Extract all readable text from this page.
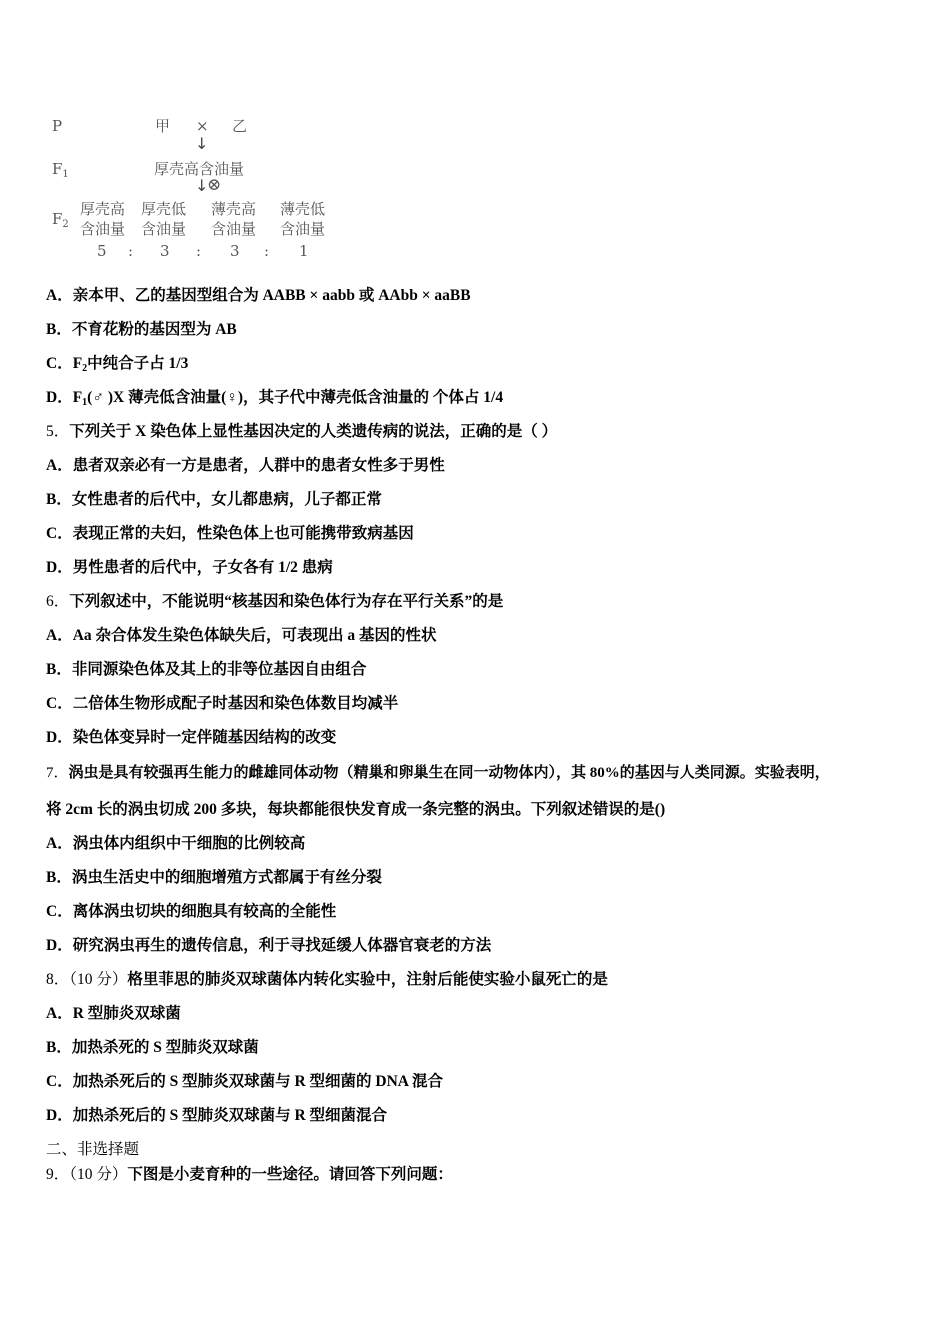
P	甲 × 乙
↓
$F_1$	厚壳高含油量
↓
⊗
$F_2$
厚壳高
含油量
5 :
厚壳低
含油量
3 :
薄壳高
含油量
3 :
薄壳低
含油量
1
A．亲本甲、乙的基因型组合为 AABB × aabb 或 AAbb × aaBB
B．不育花粉的基因型为 AB
C．$F_2$中纯合子占 1/3
D．$F_1(♂$ )X 薄壳低含油量(♀)，其子代中薄壳低含油量的 个体占 1/4
5．下列关于 X 染色体上显性基因决定的人类遗传病的说法，正确的是（ ）
A．患者双亲必有一方是患者，人群中的患者女性多于男性
B．女性患者的后代中，女儿都患病，儿子都正常
C．表现正常的夫妇，性染色体上也可能携带致病基因
D．男性患者的后代中，子女各有 1/2 患病
6．下列叙述中，不能说明“核基因和染色体行为存在平行关系”的是
A．Aa 杂合体发生染色体缺失后，可表现出 a 基因的性状
B．非同源染色体及其上的非等位基因自由组合
C．二倍体生物形成配子时基因和染色体数目均减半
D．染色体变异时一定伴随基因结构的改变
7．涡虫是具有较强再生能力的雌雄同体动物（精巢和卵巢生在同一动物体内），其 80%的基因与人类同源。实验表明，
将 2cm 长的涡虫切成 200 多块，每块都能很快发育成一条完整的涡虫。下列叙述错误的是()
A．涡虫体内组织中干细胞的比例较高
B．涡虫生活史中的细胞增殖方式都属于有丝分裂
C．离体涡虫切块的细胞具有较高的全能性
D．研究涡虫再生的遗传信息，利于寻找延缓人体器官衰老的方法
8．（10 分）格里菲思的肺炎双球菌体内转化实验中，注射后能使实验小鼠死亡的是
A．R 型肺炎双球菌
B．加热杀死的 S 型肺炎双球菌
C．加热杀死后的 S 型肺炎双球菌与 R 型细菌的 DNA 混合
D．加热杀死后的 S 型肺炎双球菌与 R 型细菌混合
二、非选择题
9．（10 分）下图是小麦育种的一些途径。请回答下列问题：
